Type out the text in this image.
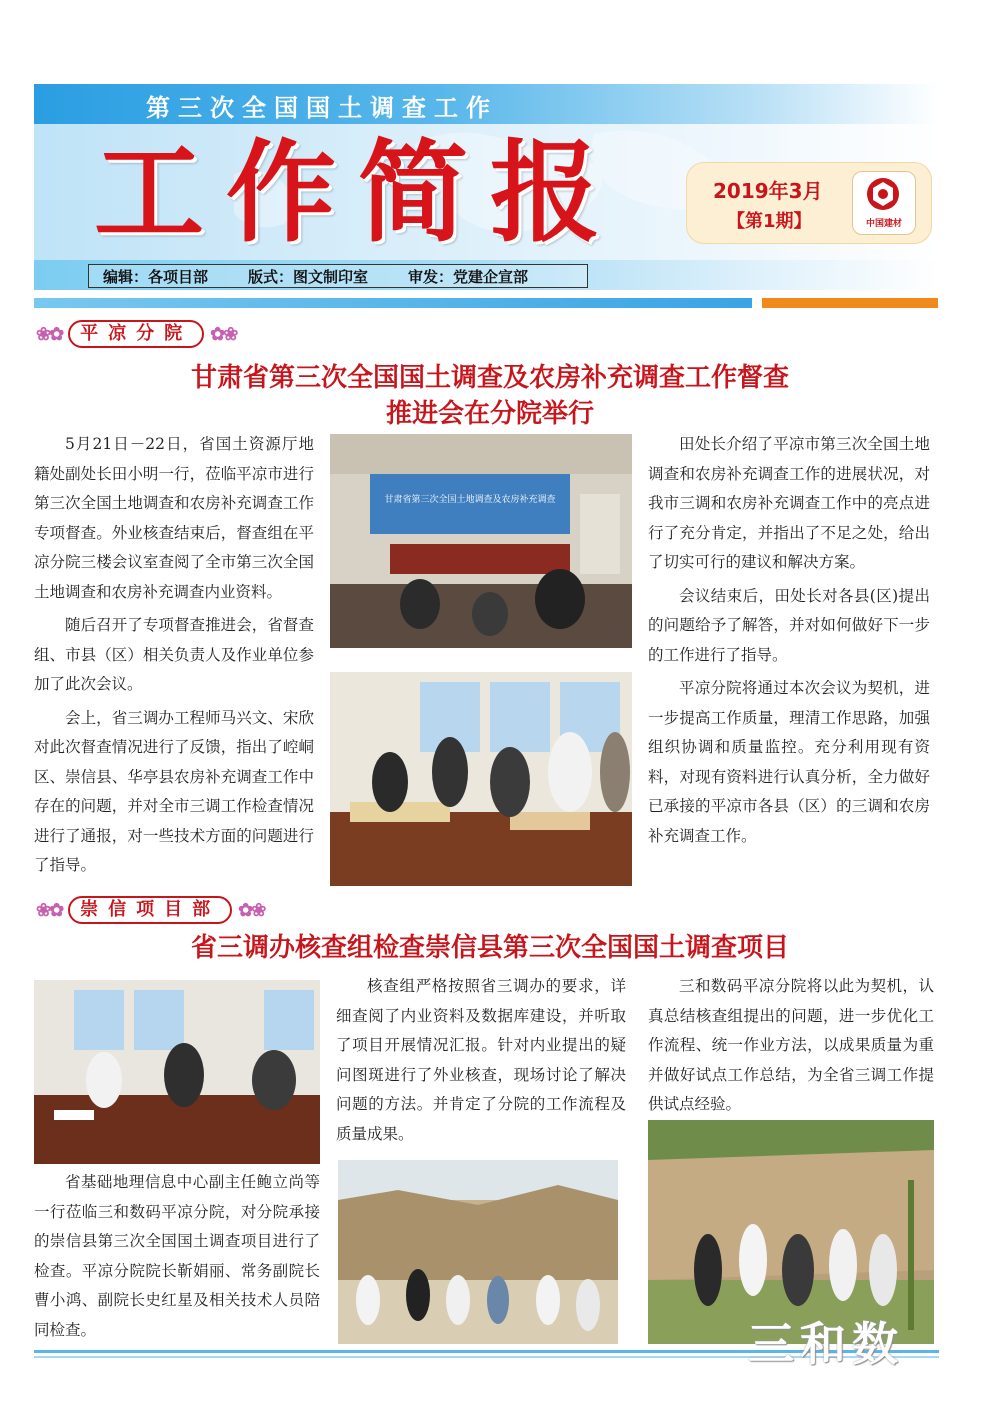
第三次全国国土调查工作
工作简报
编辑：各项目部	版式：图文制印室	审发：党建企宣部
2019年3月
【第1期】	中国建材
❀✿	平凉分院	✿❀
甘肃省第三次全国国土调查及农房补充调查工作督查
推进会在分院举行

5月21日－22日，省国土资源厅地籍处副处长田小明一行，莅临平凉市进行第三次全国土地调查和农房补充调查工作专项督查。外业核查结束后，督查组在平凉分院三楼会议室查阅了全市第三次全国土地调查和农房补充调查内业资料。

随后召开了专项督查推进会，省督查组、市县（区）相关负责人及作业单位参加了此次会议。

会上，省三调办工程师马兴文、宋欣对此次督查情况进行了反馈，指出了崆峒区、崇信县、华亭县农房补充调查工作中存在的问题，并对全市三调工作检查情况进行了通报，对一些技术方面的问题进行了指导。

甘肃省第三次全国土地调查及农房补充调查

田处长介绍了平凉市第三次全国土地调查和农房补充调查工作的进展状况，对我市三调和农房补充调查工作中的亮点进行了充分肯定，并指出了不足之处，给出了切实可行的建议和解决方案。

会议结束后，田处长对各县(区)提出的问题给予了解答，并对如何做好下一步的工作进行了指导。

平凉分院将通过本次会议为契机，进一步提高工作质量，理清工作思路，加强组织协调和质量监控。充分利用现有资料，对现有资料进行认真分析，全力做好已承接的平凉市各县（区）的三调和农房补充调查工作。

❀✿	崇信项目部	✿❀
省三调办核查组检查崇信县第三次全国国土调查项目

省基础地理信息中心副主任鲍立尚等一行莅临三和数码平凉分院，对分院承接的崇信县第三次全国国土调查项目进行了检查。平凉分院院长靳娟丽、常务副院长曹小鸿、副院长史红星及相关技术人员陪同检查。

核查组严格按照省三调办的要求，详细查阅了内业资料及数据库建设，并听取了项目开展情况汇报。针对内业提出的疑问图斑进行了外业核查，现场讨论了解决问题的方法。并肯定了分院的工作流程及质量成果。

三和数码平凉分院将以此为契机，认真总结核查组提出的问题，进一步优化工作流程、统一作业方法，以成果质量为重并做好试点工作总结，为全省三调工作提供试点经验。

三和数
